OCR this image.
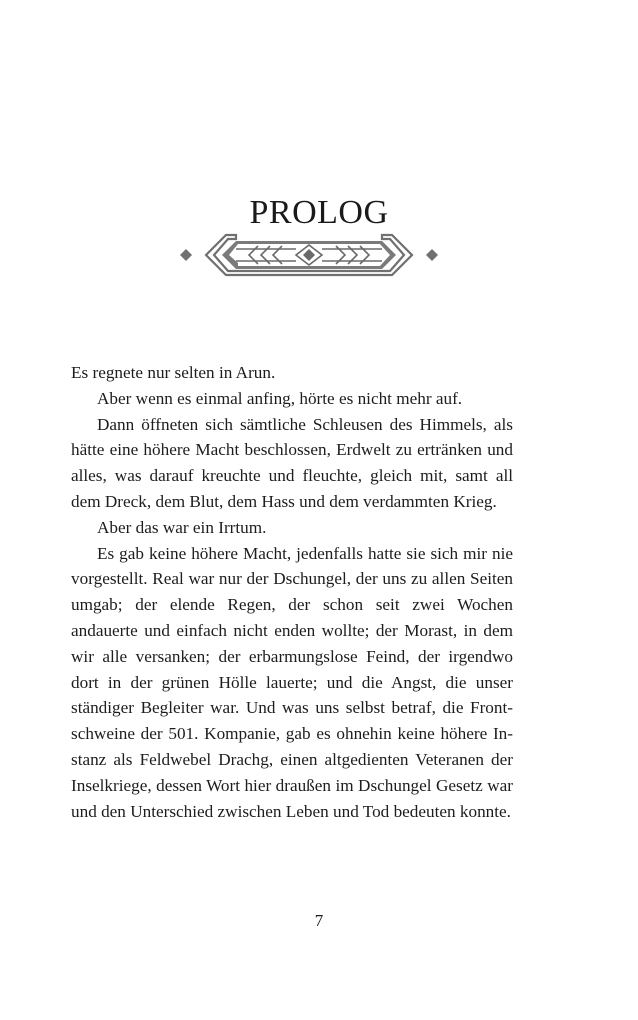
PROLOG

Es regnete nur selten in Arun.

Aber wenn es einmal anfing, hörte es nicht mehr auf.

Dann öffneten sich sämtliche Schleusen des Himmels, als hätte eine höhere Macht beschlossen, Erdwelt zu ertränken und alles, was darauf kreuchte und fleuchte, gleich mit, samt all dem Dreck, dem Blut, dem Hass und dem verdammten Krieg.

Aber das war ein Irrtum.

Es gab keine höhere Macht, jedenfalls hatte sie sich mir nie vorgestellt. Real war nur der Dschungel, der uns zu allen Seiten umgab; der elende Regen, der schon seit zwei Wochen andauerte und einfach nicht enden wollte; der Morast, in dem wir alle versanken; der erbarmungslose Feind, der irgendwo dort in der grünen Hölle lauerte; und die Angst, die unser ständiger Begleiter war. Und was uns selbst betraf, die Frontschweine der 501. Kompanie, gab es ohnehin keine höhere Instanz als Feldwebel Drachg, einen altgedienten Veteranen der Inselkriege, dessen Wort hier draußen im Dschungel Gesetz war und den Unterschied zwischen Leben und Tod bedeuten konnte.

7
